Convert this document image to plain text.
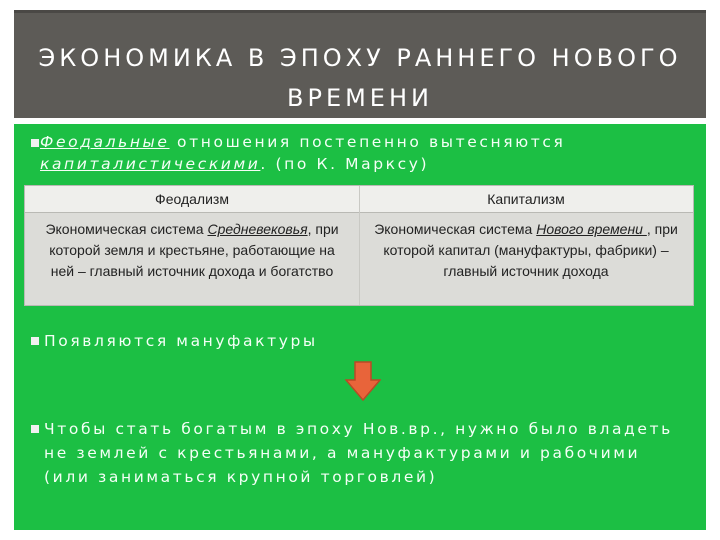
ЭКОНОМИКА В ЭПОХУ РАННЕГО НОВОГО
ВРЕМЕНИ
Феодальные отношения постепенно вытесняются
капиталистическими. (по К. Марксу)
Феодализм	Капитализм
Экономическая система Средневековья, при которой земля и крестьяне, работающие на ней – главный источник дохода и богатство
Экономическая система Нового времени , при которой капитал (мануфактуры, фабрики) – главный источник дохода
Появляются мануфактуры
Чтобы стать богатым в эпоху Нов.вр., нужно было владеть не землей с крестьянами, а мануфактурами и рабочими (или заниматься крупной торговлей)
